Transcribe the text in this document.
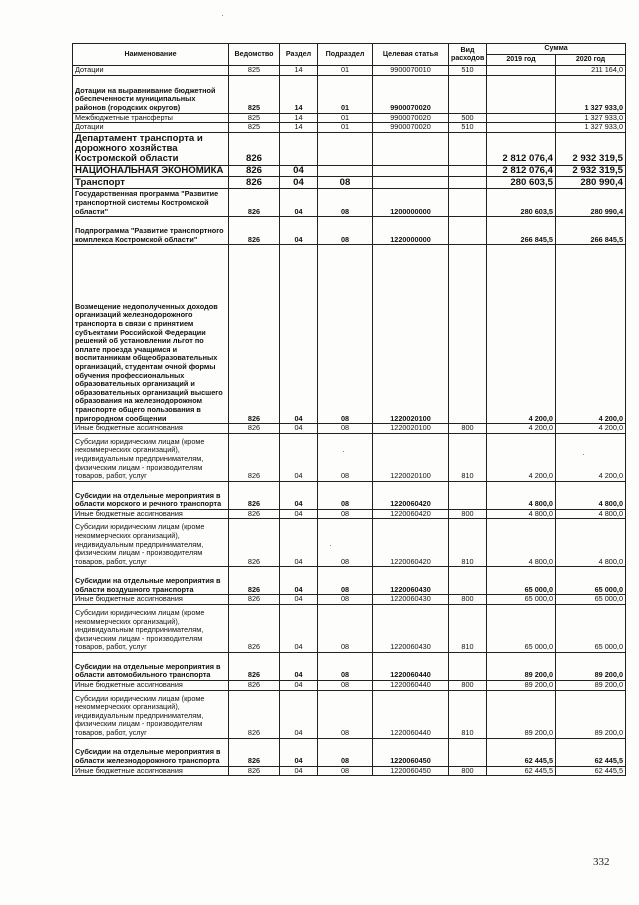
Наименование	Ведомство	Раздел	Подраздел	Целевая статья	Вид расходов	Сумма	
						2019 год	2020 год
Дотации	825	14	01	9900070010	510		211 164,0
Дотации на выравнивание бюджетной обеспеченности муниципальных районов (городских округов)	825	14	01	9900070020			1 327 933,0
Межбюджетные трансферты	825	14	01	9900070020	500		1 327 933,0
Дотации	825	14	01	9900070020	510		1 327 933,0
Департамент транспорта и дорожного хозяйства Костромской области	826					2 812 076,4	2 932 319,5
НАЦИОНАЛЬНАЯ ЭКОНОМИКА	826	04				2 812 076,4	2 932 319,5
Транспорт	826	04	08			280 603,5	280 990,4
Государственная программа "Развитие транспортной системы Костромской области"	826	04	08	1200000000		280 603,5	280 990,4
Подпрограмма "Развитие транспортного комплекса Костромской области"	826	04	08	1220000000		266 845,5	266 845,5
Возмещение недополученных доходов организаций железнодорожного транспорта в связи с принятием субъектами Российской Федерации решений об установлении льгот по оплате проезда учащимся и воспитанникам общеобразовательных организаций, студентам очной формы обучения профессиональных образовательных организаций и образовательных организаций высшего образования на железнодорожном транспорте общего пользования в пригородном сообщении	826	04	08	1220020100		4 200,0	4 200,0
Иные бюджетные ассигнования	826	04	08	1220020100	800	4 200,0	4 200,0
Субсидии юридическим лицам (кроме некоммерческих организаций), индивидуальным предпринимателям, физическим лицам - производителям товаров, работ, услуг	826	04	08	1220020100	810	4 200,0	4 200,0
Субсидии на отдельные мероприятия в области морского и речного транспорта	826	04	08	1220060420		4 800,0	4 800,0
Иные бюджетные ассигнования	826	04	08	1220060420	800	4 800,0	4 800,0
Субсидии юридическим лицам (кроме некоммерческих организаций), индивидуальным предпринимателям, физическим лицам - производителям товаров, работ, услуг	826	04	08	1220060420	810	4 800,0	4 800,0
Субсидии на отдельные мероприятия в области воздушного транспорта	826	04	08	1220060430		65 000,0	65 000,0
Иные бюджетные ассигнования	826	04	08	1220060430	800	65 000,0	65 000,0
Субсидии юридическим лицам (кроме некоммерческих организаций), индивидуальным предпринимателям, физическим лицам - производителям товаров, работ, услуг	826	04	08	1220060430	810	65 000,0	65 000,0
Субсидии на отдельные мероприятия в области автомобильного транспорта	826	04	08	1220060440		89 200,0	89 200,0
Иные бюджетные ассигнования	826	04	08	1220060440	800	89 200,0	89 200,0
Субсидии юридическим лицам (кроме некоммерческих организаций), индивидуальным предпринимателям, физическим лицам - производителям товаров, работ, услуг	826	04	08	1220060440	810	89 200,0	89 200,0
Субсидии на отдельные мероприятия в области железнодорожного транспорта	826	04	08	1220060450		62 445,5	62 445,5
Иные бюджетные ассигнования	826	04	08	1220060450	800	62 445,5	62 445,5
332
